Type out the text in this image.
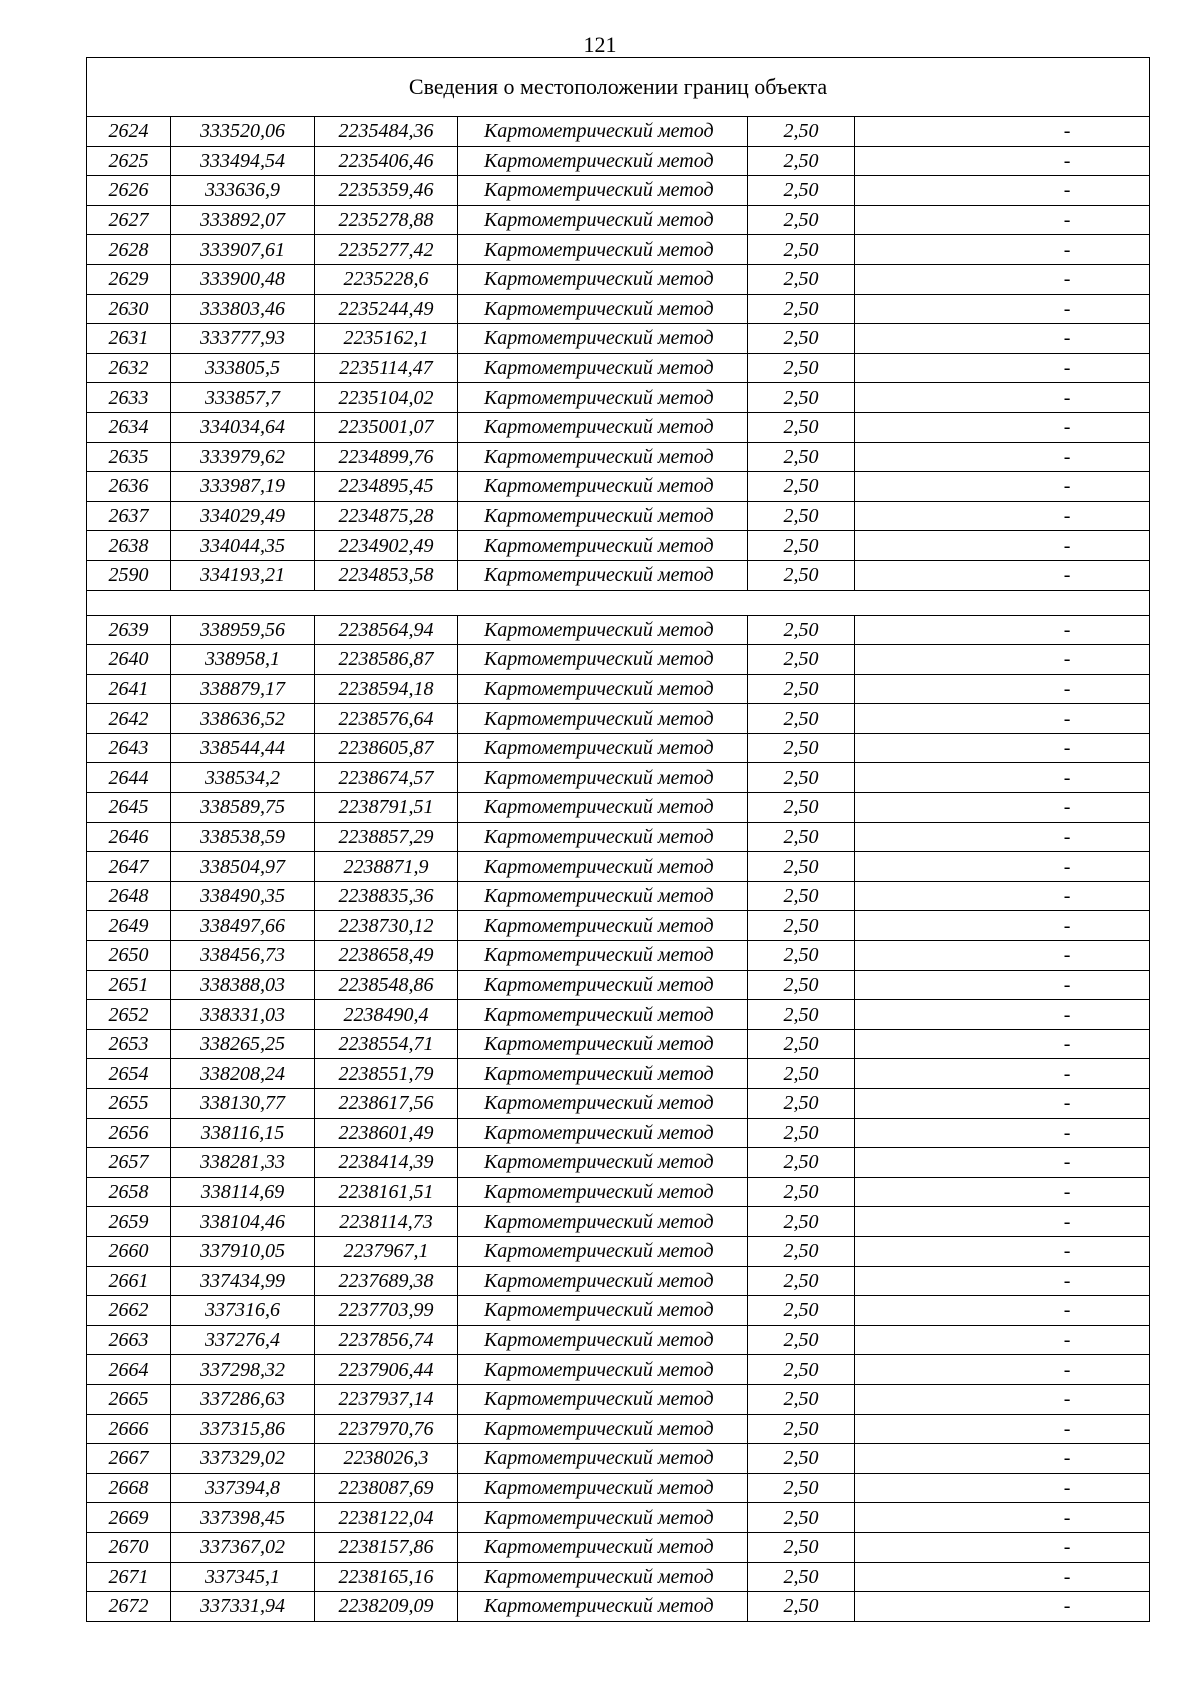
121
Сведения о местоположении границ объекта					
2624	333520,06	2235484,36	Картометрический метод	2,50	-
2625	333494,54	2235406,46	Картометрический метод	2,50	-
2626	333636,9	2235359,46	Картометрический метод	2,50	-
2627	333892,07	2235278,88	Картометрический метод	2,50	-
2628	333907,61	2235277,42	Картометрический метод	2,50	-
2629	333900,48	2235228,6	Картометрический метод	2,50	-
2630	333803,46	2235244,49	Картометрический метод	2,50	-
2631	333777,93	2235162,1	Картометрический метод	2,50	-
2632	333805,5	2235114,47	Картометрический метод	2,50	-
2633	333857,7	2235104,02	Картометрический метод	2,50	-
2634	334034,64	2235001,07	Картометрический метод	2,50	-
2635	333979,62	2234899,76	Картометрический метод	2,50	-
2636	333987,19	2234895,45	Картометрический метод	2,50	-
2637	334029,49	2234875,28	Картометрический метод	2,50	-
2638	334044,35	2234902,49	Картометрический метод	2,50	-
2590	334193,21	2234853,58	Картометрический метод	2,50	-

2639	338959,56	2238564,94	Картометрический метод	2,50	-
2640	338958,1	2238586,87	Картометрический метод	2,50	-
2641	338879,17	2238594,18	Картометрический метод	2,50	-
2642	338636,52	2238576,64	Картометрический метод	2,50	-
2643	338544,44	2238605,87	Картометрический метод	2,50	-
2644	338534,2	2238674,57	Картометрический метод	2,50	-
2645	338589,75	2238791,51	Картометрический метод	2,50	-
2646	338538,59	2238857,29	Картометрический метод	2,50	-
2647	338504,97	2238871,9	Картометрический метод	2,50	-
2648	338490,35	2238835,36	Картометрический метод	2,50	-
2649	338497,66	2238730,12	Картометрический метод	2,50	-
2650	338456,73	2238658,49	Картометрический метод	2,50	-
2651	338388,03	2238548,86	Картометрический метод	2,50	-
2652	338331,03	2238490,4	Картометрический метод	2,50	-
2653	338265,25	2238554,71	Картометрический метод	2,50	-
2654	338208,24	2238551,79	Картометрический метод	2,50	-
2655	338130,77	2238617,56	Картометрический метод	2,50	-
2656	338116,15	2238601,49	Картометрический метод	2,50	-
2657	338281,33	2238414,39	Картометрический метод	2,50	-
2658	338114,69	2238161,51	Картометрический метод	2,50	-
2659	338104,46	2238114,73	Картометрический метод	2,50	-
2660	337910,05	2237967,1	Картометрический метод	2,50	-
2661	337434,99	2237689,38	Картометрический метод	2,50	-
2662	337316,6	2237703,99	Картометрический метод	2,50	-
2663	337276,4	2237856,74	Картометрический метод	2,50	-
2664	337298,32	2237906,44	Картометрический метод	2,50	-
2665	337286,63	2237937,14	Картометрический метод	2,50	-
2666	337315,86	2237970,76	Картометрический метод	2,50	-
2667	337329,02	2238026,3	Картометрический метод	2,50	-
2668	337394,8	2238087,69	Картометрический метод	2,50	-
2669	337398,45	2238122,04	Картометрический метод	2,50	-
2670	337367,02	2238157,86	Картометрический метод	2,50	-
2671	337345,1	2238165,16	Картометрический метод	2,50	-
2672	337331,94	2238209,09	Картометрический метод	2,50	-
